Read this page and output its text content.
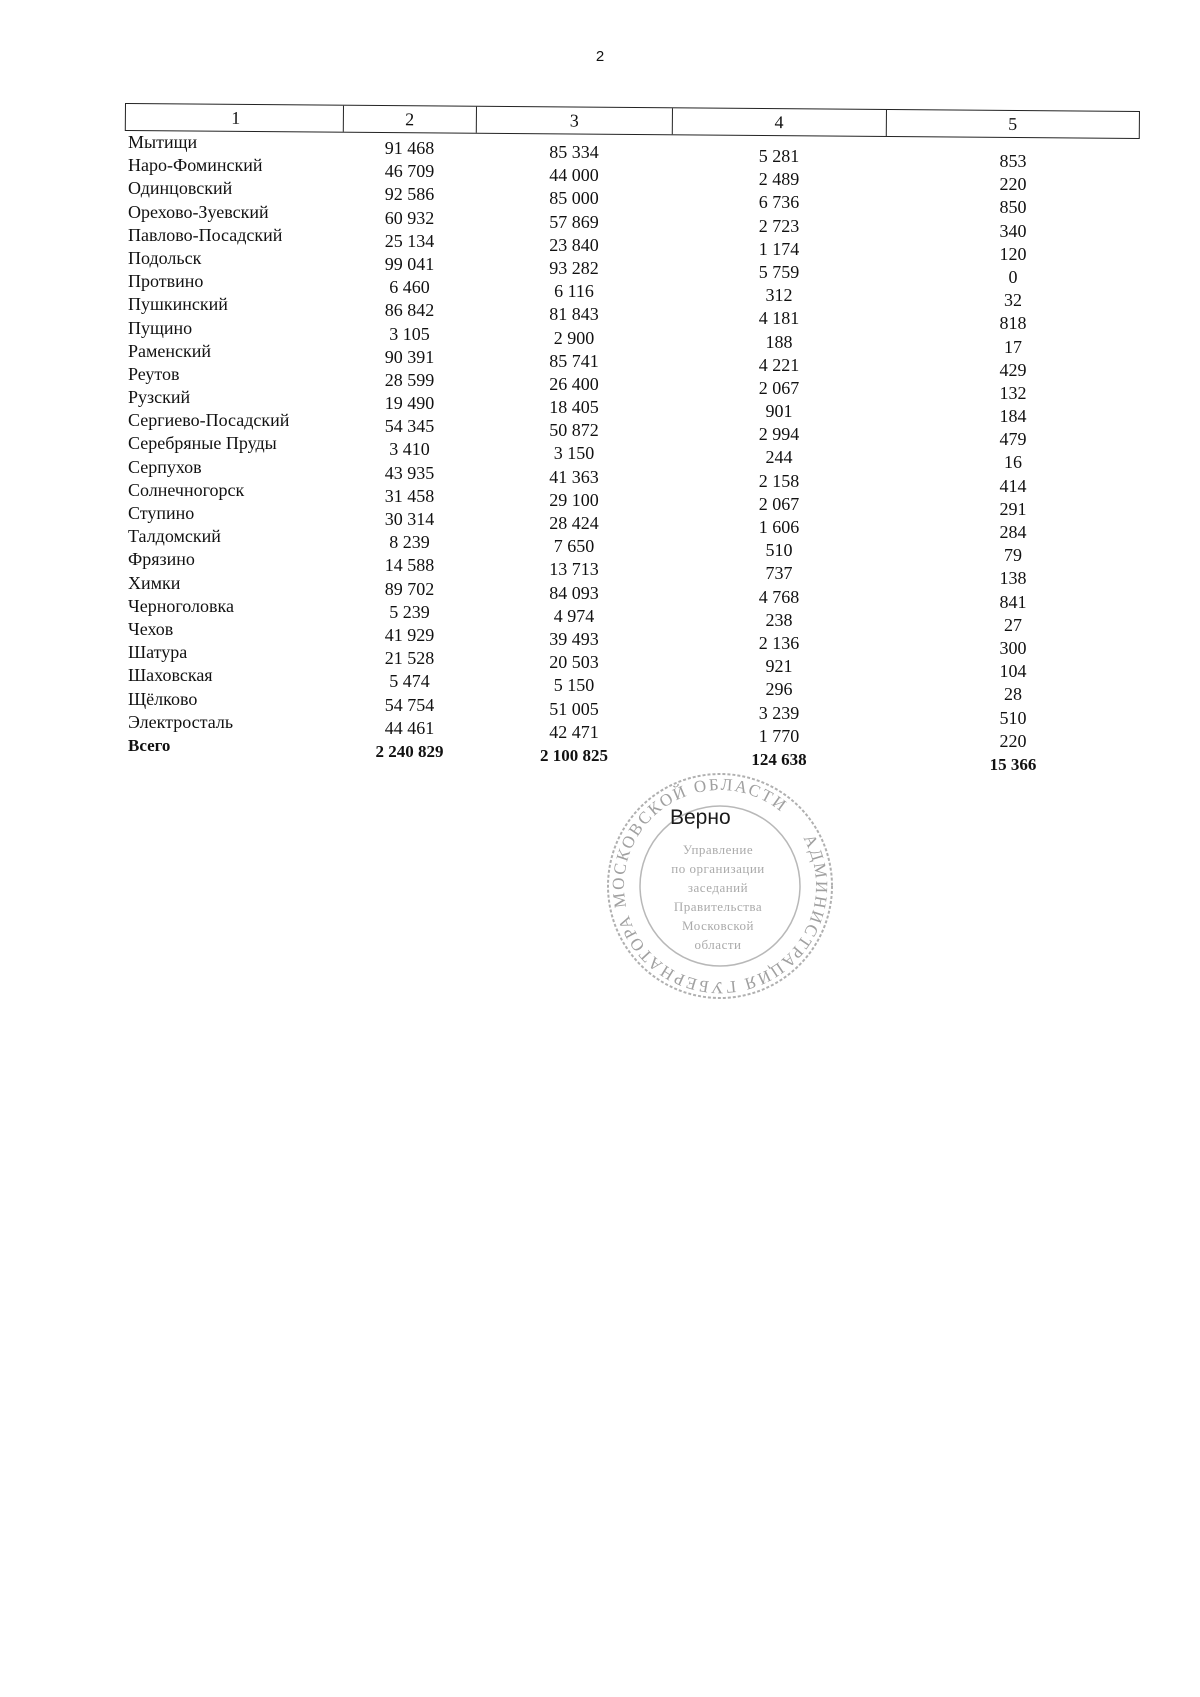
2
1	2	3	4	5
Мытищи	91 468	85 334	5 281	853
Наро-Фоминский	46 709	44 000	2 489	220
Одинцовский	92 586	85 000	6 736	850
Орехово-Зуевский	60 932	57 869	2 723	340
Павлово-Посадский	25 134	23 840	1 174	120
Подольск	99 041	93 282	5 759	0
Протвино	6 460	6 116	312	32
Пушкинский	86 842	81 843	4 181	818
Пущино	3 105	2 900	188	17
Раменский	90 391	85 741	4 221	429
Реутов	28 599	26 400	2 067	132
Рузский	19 490	18 405	901	184
Сергиево-Посадский	54 345	50 872	2 994	479
Серебряные Пруды	3 410	3 150	244	16
Серпухов	43 935	41 363	2 158	414
Солнечногорск	31 458	29 100	2 067	291
Ступино	30 314	28 424	1 606	284
Талдомский	8 239	7 650	510	79
Фрязино	14 588	13 713	737	138
Химки	89 702	84 093	4 768	841
Черноголовка	5 239	4 974	238	27
Чехов	41 929	39 493	2 136	300
Шатура	21 528	20 503	921	104
Шаховская	5 474	5 150	296	28
Щёлково	54 754	51 005	3 239	510
Электросталь	44 461	42 471	1 770	220
Всего	2 240 829	2 100 825	124 638	15 366
АДМИНИСТРАЦИЯ ГУБЕРНАТОРА МОСКОВСКОЙ ОБЛАСТИ
Верно
Управление
по организации
заседаний
Правительства
Московской
области
